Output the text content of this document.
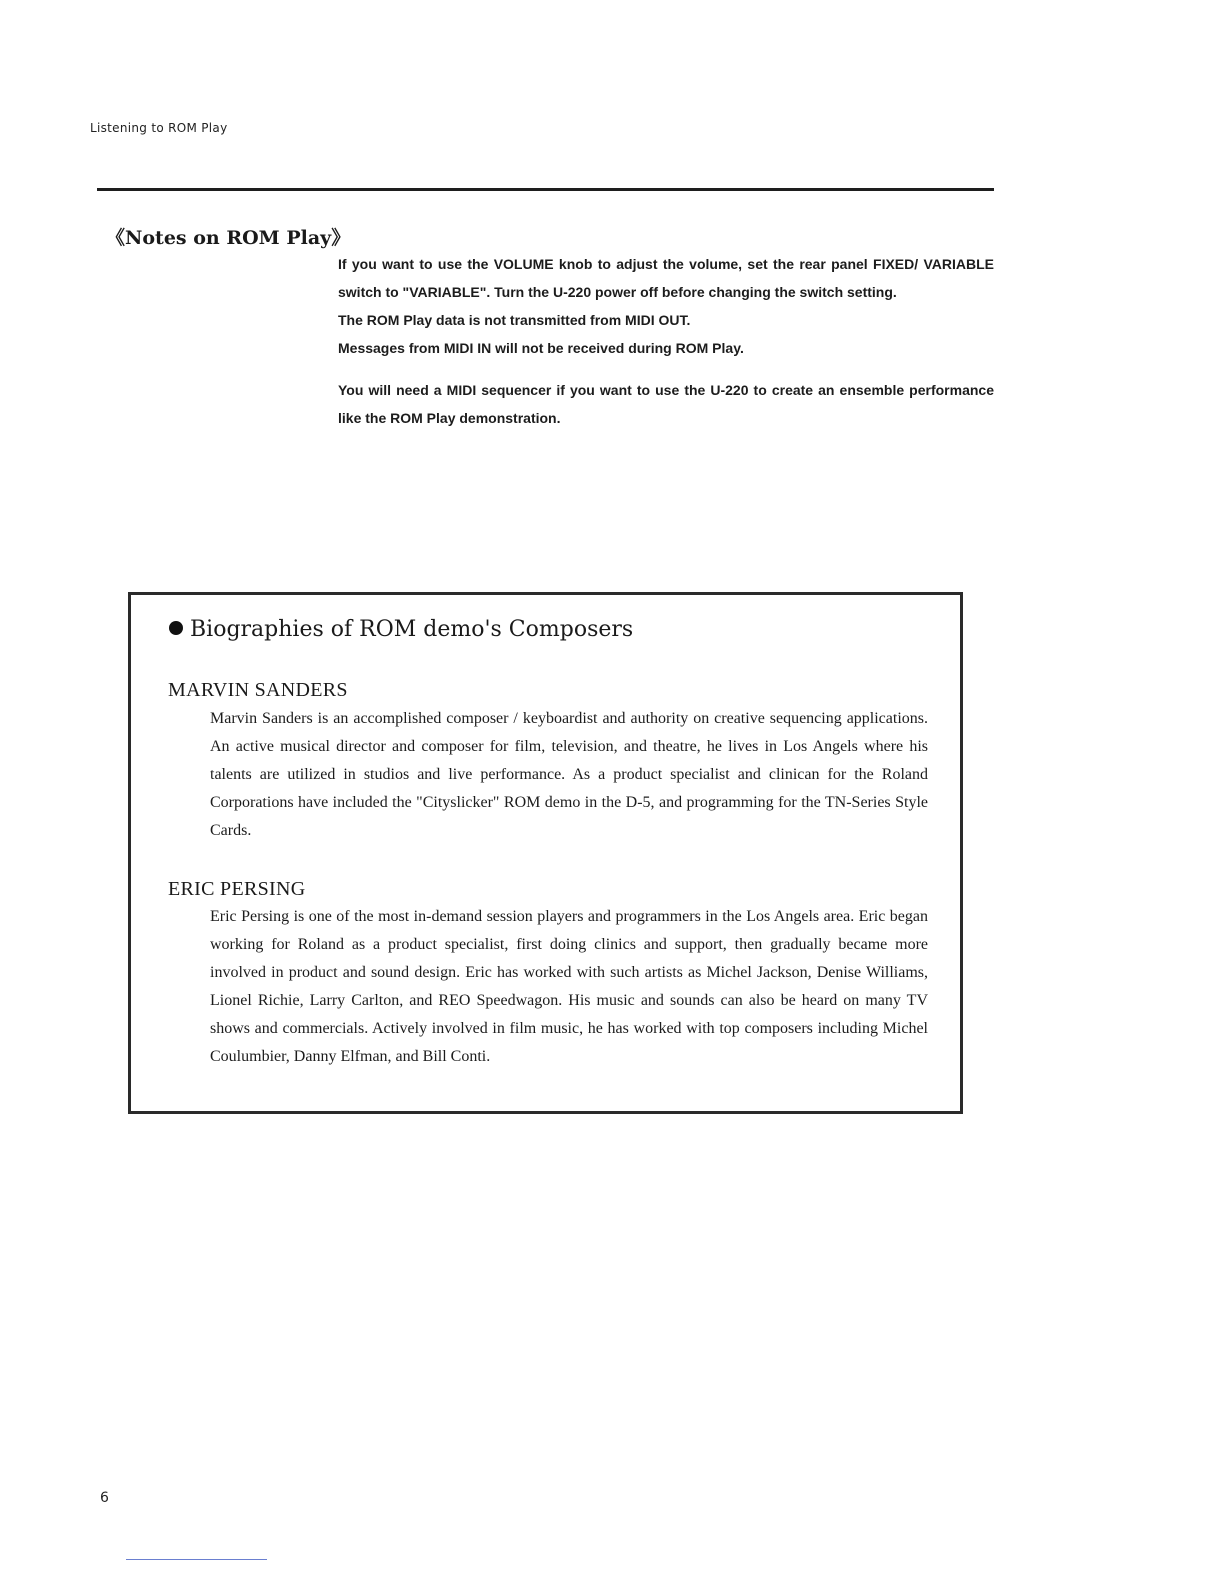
Listening to ROM Play
《Notes on ROM Play》

If you want to use the VOLUME knob to adjust the volume, set the rear panel FIXED/ VARIABLE switch to "VARIABLE". Turn the U-220 power off before changing the switch setting.

The ROM Play data is not transmitted from MIDI OUT.

Messages from MIDI IN will not be received during ROM Play.

You will need a MIDI sequencer if you want to use the U-220 to create an ensemble performance like the ROM Play demonstration.

Biographies of ROM demo's Composers
MARVIN SANDERS

Marvin Sanders is an accomplished composer / keyboardist and authority on creative sequencing applications. An active musical director and composer for film, television, and theatre, he lives in Los Angels where his talents are utilized in studios and live performance. As a product specialist and clinican for the Roland Corporations have included the "Cityslicker" ROM demo in the D-5, and programming for the TN-Series Style Cards.

ERIC PERSING

Eric Persing is one of the most in-demand session players and programmers in the Los Angels area. Eric began working for Roland as a product specialist, first doing clinics and support, then gradually became more involved in product and sound design. Eric has worked with such artists as Michel Jackson, Denise Williams, Lionel Richie, Larry Carlton, and REO Speedwagon. His music and sounds can also be heard on many TV shows and commercials. Actively involved in film music, he has worked with top composers including Michel Coulumbier, Danny Elfman, and Bill Conti.

6
